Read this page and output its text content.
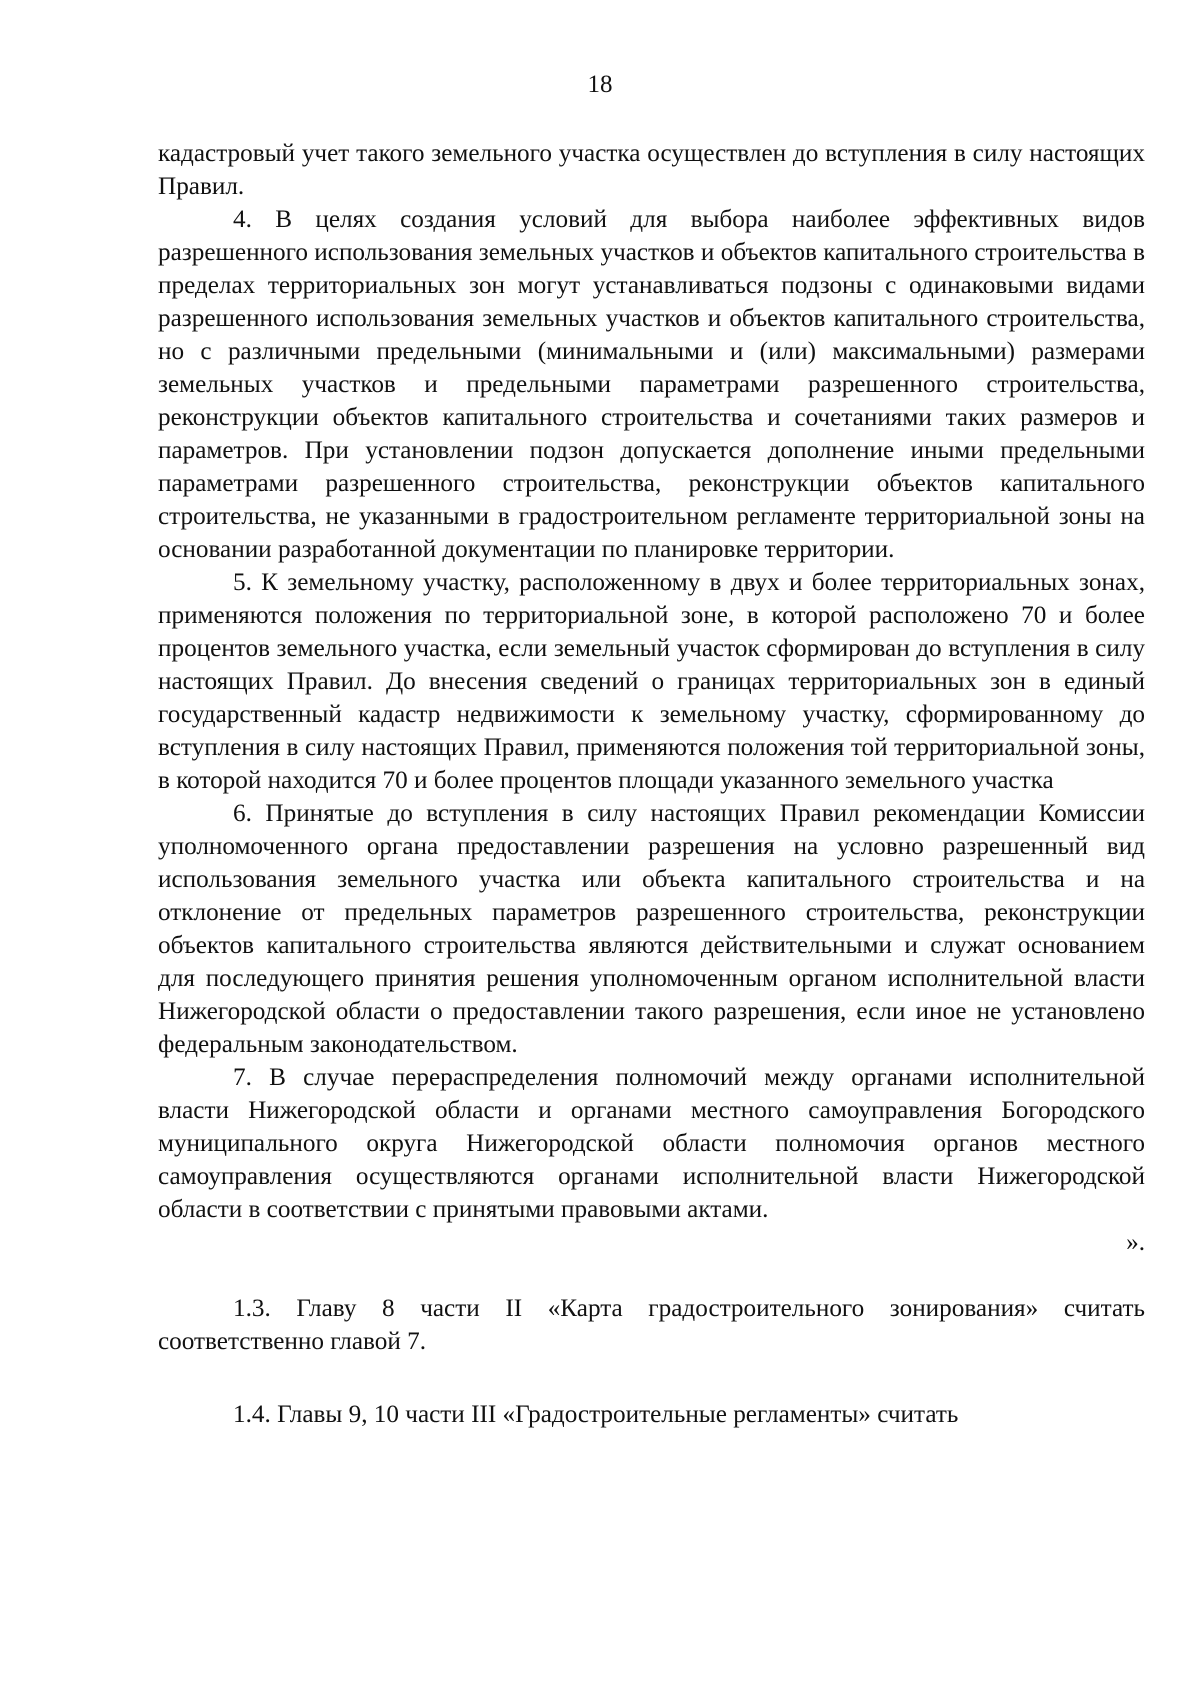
18

кадастровый учет такого земельного участка осуществлен до вступления в силу настоящих Правил.

4. В целях создания условий для выбора наиболее эффективных видов разрешенного использования земельных участков и объектов капитального строительства в пределах территориальных зон могут устанавливаться подзоны с одинаковыми видами разрешенного использования земельных участков и объектов капитального строительства, но с различными предельными (минимальными и (или) максимальными) размерами земельных участков и предельными параметрами разрешенного строительства, реконструкции объектов капитального строительства и сочетаниями таких размеров и параметров. При установлении подзон допускается дополнение иными предельными параметрами разрешенного строительства, реконструкции объектов капитального строительства, не указанными в градостроительном регламенте территориальной зоны на основании разработанной документации по планировке территории.

5. К земельному участку, расположенному в двух и более территориальных зонах, применяются положения по территориальной зоне, в которой расположено 70 и более процентов земельного участка, если земельный участок сформирован до вступления в силу настоящих Правил. До внесения сведений о границах территориальных зон в единый государственный кадастр недвижимости к земельному участку, сформированному до вступления в силу настоящих Правил, применяются положения той территориальной зоны, в которой находится 70 и более процентов площади указанного земельного участка

6. Принятые до вступления в силу настоящих Правил рекомендации Комиссии уполномоченного органа предоставлении разрешения на условно разрешенный вид использования земельного участка или объекта капитального строительства и на отклонение от предельных параметров разрешенного строительства, реконструкции объектов капитального строительства являются действительными и служат основанием для последующего принятия решения уполномоченным органом исполнительной власти Нижегородской области о предоставлении такого разрешения, если иное не установлено федеральным законодательством.

7. В случае перераспределения полномочий между органами исполнительной власти Нижегородской области и органами местного самоуправления Богородского муниципального округа Нижегородской области полномочия органов местного самоуправления осуществляются органами исполнительной власти Нижегородской области в соответствии с принятыми правовыми актами.

».

1.3. Главу 8 части II «Карта градостроительного зонирования» считать соответственно главой 7.

1.4. Главы 9, 10 части III «Градостроительные регламенты» считать
